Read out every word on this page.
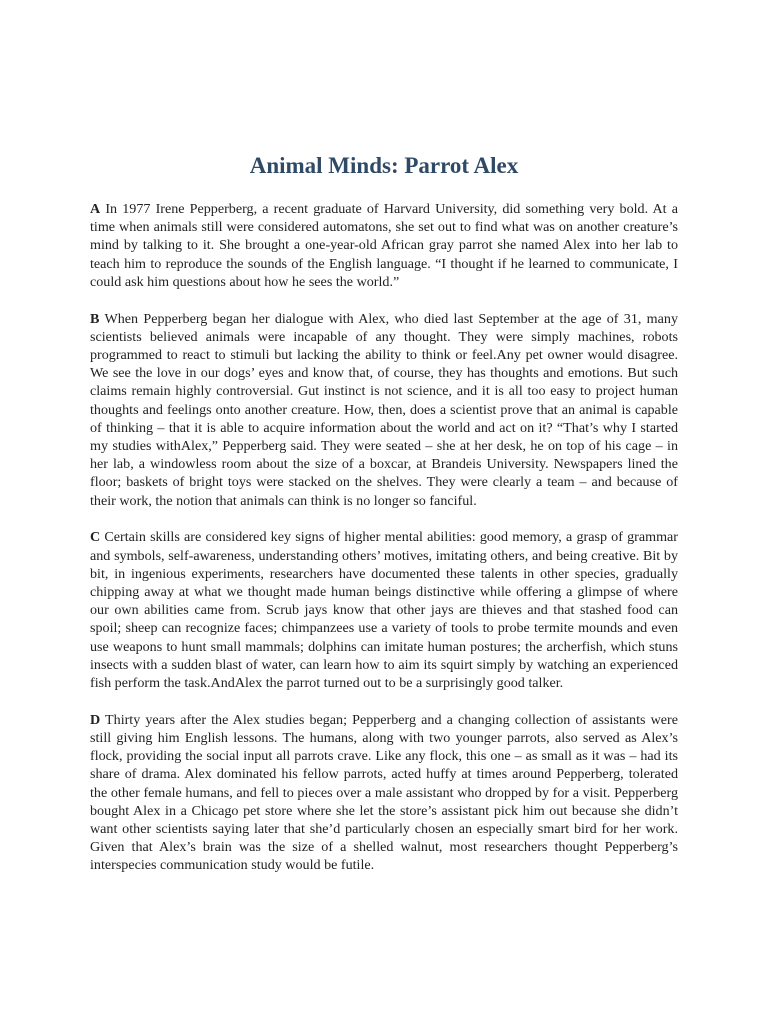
Animal Minds: Parrot Alex

A In 1977 Irene Pepperberg, a recent graduate of Harvard University, did something very bold. At a time when animals still were considered automatons, she set out to find what was on another creature’s mind by talking to it. She brought a one-year-old African gray parrot she named Alex into her lab to teach him to reproduce the sounds of the English language. “I thought if he learned to communicate, I could ask him questions about how he sees the world.”

B When Pepperberg began her dialogue with Alex, who died last September at the age of 31, many scientists believed animals were incapable of any thought. They were simply machines, robots programmed to react to stimuli but lacking the ability to think or feel.Any pet owner would disagree. We see the love in our dogs’ eyes and know that, of course, they has thoughts and emotions. But such claims remain highly controversial. Gut instinct is not science, and it is all too easy to project human thoughts and feelings onto another creature. How, then, does a scientist prove that an animal is capable of thinking – that it is able to acquire information about the world and act on it? “That’s why I started my studies withAlex,” Pepperberg said. They were seated – she at her desk, he on top of his cage – in her lab, a windowless room about the size of a boxcar, at Brandeis University. Newspapers lined the floor; baskets of bright toys were stacked on the shelves. They were clearly a team – and because of their work, the notion that animals can think is no longer so fanciful.

C Certain skills are considered key signs of higher mental abilities: good memory, a grasp of grammar and symbols, self-awareness, understanding others’ motives, imitating others, and being creative. Bit by bit, in ingenious experiments, researchers have documented these talents in other species, gradually chipping away at what we thought made human beings distinctive while offering a glimpse of where our own abilities came from. Scrub jays know that other jays are thieves and that stashed food can spoil; sheep can recognize faces; chimpanzees use a variety of tools to probe termite mounds and even use weapons to hunt small mammals; dolphins can imitate human postures; the archerfish, which stuns insects with a sudden blast of water, can learn how to aim its squirt simply by watching an experienced fish perform the task.AndAlex the parrot turned out to be a surprisingly good talker.

D Thirty years after the Alex studies began; Pepperberg and a changing collection of assistants were still giving him English lessons. The humans, along with two younger parrots, also served as Alex’s flock, providing the social input all parrots crave. Like any flock, this one – as small as it was – had its share of drama. Alex dominated his fellow parrots, acted huffy at times around Pepperberg, tolerated the other female humans, and fell to pieces over a male assistant who dropped by for a visit. Pepperberg bought Alex in a Chicago pet store where she let the store’s assistant pick him out because she didn’t want other scientists saying later that she’d particularly chosen an especially smart bird for her work. Given that Alex’s brain was the size of a shelled walnut, most researchers thought Pepperberg’s interspecies communication study would be futile.
